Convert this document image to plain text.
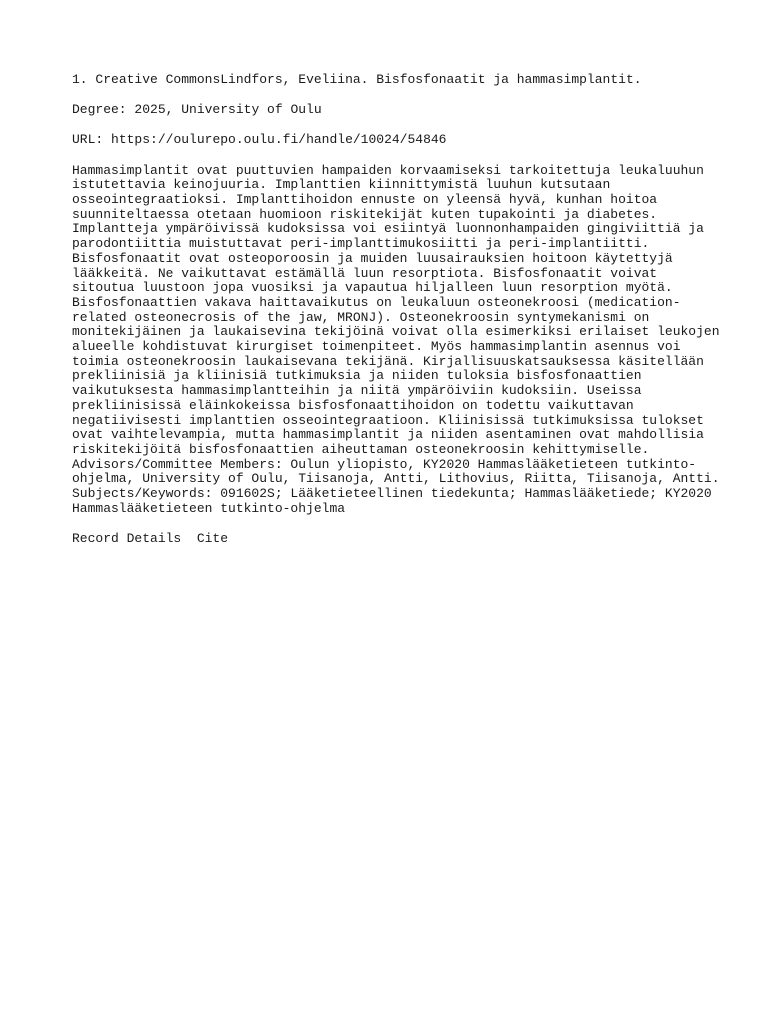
1. Creative CommonsLindfors, Eveliina. Bisfosfonaatit ja hammasimplantit.

Degree: 2025, University of Oulu

URL: https://oulurepo.oulu.fi/handle/10024/54846

Hammasimplantit ovat puuttuvien hampaiden korvaamiseksi tarkoitettuja leukaluuhun
istutettavia keinojuuria. Implanttien kiinnittymistä luuhun kutsutaan
osseointegraatioksi. Implanttihoidon ennuste on yleensä hyvä, kunhan hoitoa
suunniteltaessa otetaan huomioon riskitekijät kuten tupakointi ja diabetes.
Implantteja ympäröivissä kudoksissa voi esiintyä luonnonhampaiden gingiviittiä ja
parodontiittia muistuttavat peri-implanttimukosiitti ja peri-implantiitti.
Bisfosfonaatit ovat osteoporoosin ja muiden luusairauksien hoitoon käytettyjä
lääkkeitä. Ne vaikuttavat estämällä luun resorptiota. Bisfosfonaatit voivat
sitoutua luustoon jopa vuosiksi ja vapautua hiljalleen luun resorption myötä.
Bisfosfonaattien vakava haittavaikutus on leukaluun osteonekroosi (medication-
related osteonecrosis of the jaw, MRONJ). Osteonekroosin syntymekanismi on
monitekijäinen ja laukaisevina tekijöinä voivat olla esimerkiksi erilaiset leukojen
alueelle kohdistuvat kirurgiset toimenpiteet. Myös hammasimplantin asennus voi
toimia osteonekroosin laukaisevana tekijänä. Kirjallisuuskatsauksessa käsitellään
prekliinisiä ja kliinisiä tutkimuksia ja niiden tuloksia bisfosfonaattien
vaikutuksesta hammasimplantteihin ja niitä ympäröiviin kudoksiin. Useissa
prekliinisissä eläinkokeissa bisfosfonaattihoidon on todettu vaikuttavan
negatiivisesti implanttien osseointegraatioon. Kliinisissä tutkimuksissa tulokset
ovat vaihtelevampia, mutta hammasimplantit ja niiden asentaminen ovat mahdollisia
riskitekijöitä bisfosfonaattien aiheuttaman osteonekroosin kehittymiselle.
Advisors/Committee Members: Oulun yliopisto, KY2020 Hammaslääketieteen tutkinto-
ohjelma, University of Oulu, Tiisanoja, Antti, Lithovius, Riitta, Tiisanoja, Antti.
Subjects/Keywords: 091602S; Lääketieteellinen tiedekunta; Hammaslääketiede; KY2020
Hammaslääketieteen tutkinto-ohjelma
Record Details Cite
